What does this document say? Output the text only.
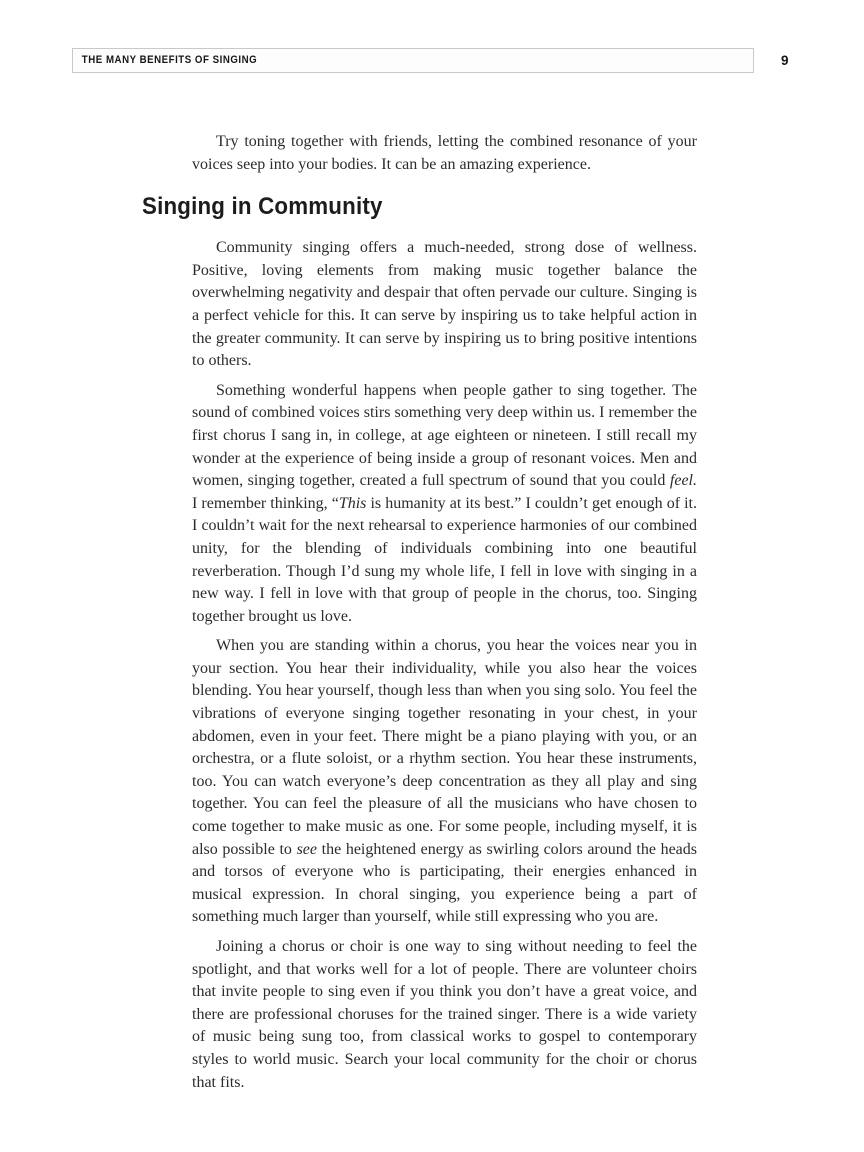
THE MANY BENEFITS OF SINGING	9

Try toning together with friends, letting the combined resonance of your voices seep into your bodies. It can be an amazing experience.

Singing in Community

Community singing offers a much-needed, strong dose of wellness. Positive, loving elements from making music together balance the overwhelming negativity and despair that often pervade our culture. Singing is a perfect vehicle for this. It can serve by inspiring us to take helpful action in the greater community. It can serve by inspiring us to bring positive intentions to others.

Something wonderful happens when people gather to sing together. The sound of combined voices stirs something very deep within us. I remember the first chorus I sang in, in college, at age eighteen or nineteen. I still recall my wonder at the experience of being inside a group of resonant voices. Men and women, singing together, created a full spectrum of sound that you could feel. I remember thinking, “This is humanity at its best.” I couldn’t get enough of it. I couldn’t wait for the next rehearsal to experience harmonies of our combined unity, for the blending of individuals combining into one beautiful reverberation. Though I’d sung my whole life, I fell in love with singing in a new way. I fell in love with that group of people in the chorus, too. Singing together brought us love.

When you are standing within a chorus, you hear the voices near you in your section. You hear their individuality, while you also hear the voices blending. You hear yourself, though less than when you sing solo. You feel the vibrations of everyone singing together resonating in your chest, in your abdomen, even in your feet. There might be a piano playing with you, or an orchestra, or a flute soloist, or a rhythm section. You hear these instruments, too. You can watch everyone’s deep concentration as they all play and sing together. You can feel the pleasure of all the musicians who have chosen to come together to make music as one. For some people, including myself, it is also possible to see the heightened energy as swirling colors around the heads and torsos of everyone who is participating, their energies enhanced in musical expression. In choral singing, you experience being a part of something much larger than yourself, while still expressing who you are.

Joining a chorus or choir is one way to sing without needing to feel the spotlight, and that works well for a lot of people. There are volunteer choirs that invite people to sing even if you think you don’t have a great voice, and there are professional choruses for the trained singer. There is a wide variety of music being sung too, from classical works to gospel to contemporary styles to world music. Search your local community for the choir or chorus that fits.
